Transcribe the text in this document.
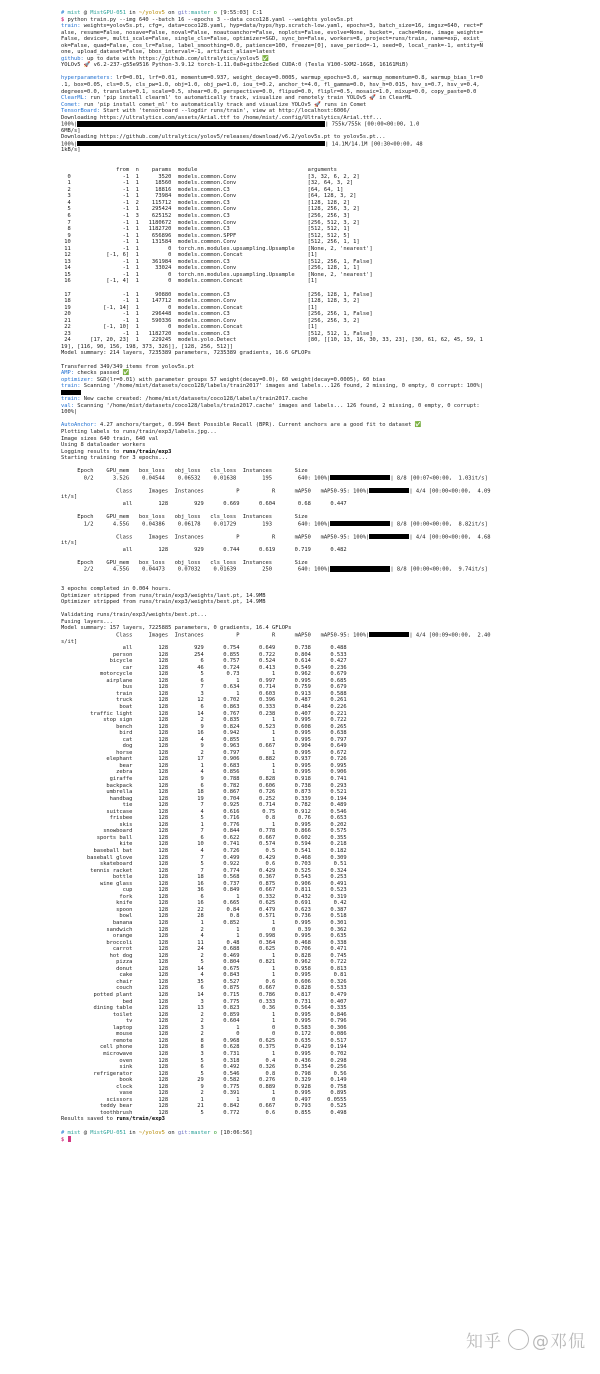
# mist @ MistGPU-051 in ~/yolov5 on git:master o [9:55:03] C:1
$ python train.py --img 640 --batch 16 --epochs 3 --data coco128.yaml --weights yolov5s.pt
train: weights=yolov5s.pt, cfg=, data=coco128.yaml, hyp=data/hyps/hyp.scratch-low.yaml, epochs=3, batch_size=16, imgsz=640, rect=F
alse, resume=False, nosave=False, noval=False, noautoanchor=False, noplots=False, evolve=None, bucket=, cache=None, image_weights=
False, device=, multi_scale=False, single_cls=False, optimizer=SGD, sync_bn=False, workers=8, project=runs/train, name=exp, exist_
ok=False, quad=False, cos_lr=False, label_smoothing=0.0, patience=100, freeze=[0], save_period=-1, seed=0, local_rank=-1, entity=N
one, upload_dataset=False, bbox_interval=-1, artifact_alias=latest
github: up to date with https://github.com/ultralytics/yolov5 ✅
YOLOv5 🚀 v6.2-237-g55e9516 Python-3.9.12 torch-1.11.0a0+gitbc2c6ed CUDA:0 (Tesla V100-SXM2-16GB, 16161MiB)
hyperparameters: lr0=0.01, lrf=0.01, momentum=0.937, weight_decay=0.0005, warmup_epochs=3.0, warmup_momentum=0.8, warmup_bias_lr=0
.1, box=0.05, cls=0.5, cls_pw=1.0, obj=1.0, obj_pw=1.0, iou_t=0.2, anchor_t=4.0, fl_gamma=0.0, hsv_h=0.015, hsv_s=0.7, hsv_v=0.4,
degrees=0.0, translate=0.1, scale=0.5, shear=0.0, perspective=0.0, flipud=0.0, fliplr=0.5, mosaic=1.0, mixup=0.0, copy_paste=0.0
ClearML: run 'pip install clearml' to automatically track, visualize and remotely train YOLOv5 🚀 in ClearML
Comet: run 'pip install comet_ml' to automatically track and visualize YOLOv5 🚀 runs in Comet
TensorBoard: Start with 'tensorboard --logdir runs/train', view at http://localhost:6006/
Downloading https://ultralytics.com/assets/Arial.ttf to /home/mist/.config/Ultralytics/Arial.ttf...
100%|	| 755k/755k [00:00<00:00, 1.0
6MB/s]
Downloading https://github.com/ultralytics/yolov5/releases/download/v6.2/yolov5s.pt to yolov5s.pt...
100%|	| 14.1M/14.1M [00:30<00:00, 48
1kB/s]
from  n    params  module                                  arguments
0                -1  1      3520  models.common.Conv                      [3, 32, 6, 2, 2]
1                -1  1     18560  models.common.Conv                      [32, 64, 3, 2]
2                -1  1     18816  models.common.C3                        [64, 64, 1]
3                -1  1     73984  models.common.Conv                      [64, 128, 3, 2]
4                -1  2    115712  models.common.C3                        [128, 128, 2]
5                -1  1    295424  models.common.Conv                      [128, 256, 3, 2]
6                -1  3    625152  models.common.C3                        [256, 256, 3]
7                -1  1   1180672  models.common.Conv                      [256, 512, 3, 2]
8                -1  1   1182720  models.common.C3                        [512, 512, 1]
9                -1  1    656896  models.common.SPPF                      [512, 512, 5]
10                -1  1    131584  models.common.Conv                      [512, 256, 1, 1]
11                -1  1         0  torch.nn.modules.upsampling.Upsample    [None, 2, 'nearest']
12           [-1, 6]  1         0  models.common.Concat                    [1]
13                -1  1    361984  models.common.C3                        [512, 256, 1, False]
14                -1  1     33024  models.common.Conv                      [256, 128, 1, 1]
15                -1  1         0  torch.nn.modules.upsampling.Upsample    [None, 2, 'nearest']
16           [-1, 4]  1         0  models.common.Concat                    [1]
17                -1  1     90880  models.common.C3                        [256, 128, 1, False]
18                -1  1    147712  models.common.Conv                      [128, 128, 3, 2]
19          [-1, 14]  1         0  models.common.Concat                    [1]
20                -1  1    296448  models.common.C3                        [256, 256, 1, False]
21                -1  1    590336  models.common.Conv                      [256, 256, 3, 2]
22          [-1, 10]  1         0  models.common.Concat                    [1]
23                -1  1   1182720  models.common.C3                        [512, 512, 1, False]
24      [17, 20, 23]  1    229245  models.yolo.Detect                      [80, [[10, 13, 16, 30, 33, 23], [30, 61, 62, 45, 59, 1
19], [116, 90, 156, 198, 373, 326]], [128, 256, 512]]
Model summary: 214 layers, 7235389 parameters, 7235389 gradients, 16.6 GFLOPs
Transferred 349/349 items from yolov5s.pt
AMP: checks passed ✅
optimizer: SGD(lr=0.01) with parameter groups 57 weight(decay=0.0), 60 weight(decay=0.0005), 60 bias
train: Scanning '/home/mist/datasets/coco128/labels/train2017' images and labels...126 found, 2 missing, 0 empty, 0 corrupt: 100%|
train: New cache created: /home/mist/datasets/coco128/labels/train2017.cache
val: Scanning '/home/mist/datasets/coco128/labels/train2017.cache' images and labels... 126 found, 2 missing, 0 empty, 0 corrupt:
100%|
AutoAnchor: 4.27 anchors/target, 0.994 Best Possible Recall (BPR). Current anchors are a good fit to dataset ✅
Plotting labels to runs/train/exp3/labels.jpg...
Image sizes 640 train, 640 val
Using 8 dataloader workers
Logging results to runs/train/exp3
Starting training for 3 epochs...
Epoch    GPU_mem   box_loss   obj_loss   cls_loss  Instances       Size
0/2      3.52G    0.04544    0.06532    0.01638        195        640: 100%|	| 8/8 [00:07<00:00,  1.03it/s]
Class     Images  Instances          P          R      mAP50   mAP50-95: 100%|	| 4/4 [00:00<00:00,  4.09
it/s]
all        128        929      0.669      0.604       0.68      0.447
Epoch    GPU_mem   box_loss   obj_loss   cls_loss  Instances       Size
1/2      4.55G    0.04386    0.06178    0.01729        193        640: 100%|	| 8/8 [00:00<00:00,  8.82it/s]
Class     Images  Instances          P          R      mAP50   mAP50-95: 100%|	| 4/4 [00:00<00:00,  4.68
it/s]
all        128        929      0.744      0.619      0.719      0.482
Epoch    GPU_mem   box_loss   obj_loss   cls_loss  Instances       Size
2/2      4.55G    0.04473    0.07032    0.01639        250        640: 100%|	| 8/8 [00:00<00:00,  9.74it/s]
3 epochs completed in 0.004 hours.
Optimizer stripped from runs/train/exp3/weights/last.pt, 14.9MB
Optimizer stripped from runs/train/exp3/weights/best.pt, 14.9MB
Validating runs/train/exp3/weights/best.pt...
Fusing layers...
Model summary: 157 layers, 7225885 parameters, 0 gradients, 16.4 GFLOPs
Class     Images  Instances          P          R      mAP50   mAP50-95: 100%|	| 4/4 [00:09<00:00,  2.40
s/it]
all        128        929      0.754      0.649      0.738      0.488
person        128        254      0.855      0.722      0.804      0.533
bicycle        128          6      0.757      0.524      0.614      0.427
car        128         46      0.724      0.413      0.549      0.236
motorcycle        128          5       0.73          1      0.962      0.679
airplane        128          6          1      0.997      0.995      0.685
bus        128          7      0.634      0.714      0.759      0.679
train        128          3          1      0.603      0.913      0.588
truck        128         12      0.702      0.396      0.487      0.261
boat        128          6      0.863      0.333      0.484      0.226
traffic light        128         14      0.767      0.238      0.407      0.221
stop sign        128          2      0.835          1      0.995      0.722
bench        128          9      0.824      0.523      0.608      0.265
bird        128         16      0.942          1      0.995      0.638
cat        128          4      0.855          1      0.995      0.797
dog        128          9      0.963      0.667      0.904      0.649
horse        128          2      0.797          1      0.995      0.672
elephant        128         17      0.906      0.882      0.937      0.726
bear        128          1      0.683          1      0.995      0.995
zebra        128          4      0.856          1      0.995      0.906
giraffe        128          9      0.788      0.828      0.918      0.741
backpack        128          6      0.782      0.606      0.738      0.293
umbrella        128         18      0.867      0.726      0.873      0.521
handbag        128         19      0.704      0.252      0.339      0.194
tie        128          7      0.925      0.714      0.782      0.489
suitcase        128          4      0.616       0.75      0.912      0.546
frisbee        128          5      0.716        0.8       0.76      0.653
skis        128          1      0.776          1      0.995      0.202
snowboard        128          7      0.844      0.778      0.866      0.575
sports ball        128          6      0.622      0.667      0.602      0.355
kite        128         10      0.741      0.574      0.594      0.218
baseball bat        128          4      0.726        0.5      0.541      0.182
baseball glove        128          7      0.499      0.429      0.468      0.309
skateboard        128          5      0.922        0.6      0.703       0.51
tennis racket        128          7      0.774      0.429      0.525      0.324
bottle        128         18      0.568      0.367      0.543      0.253
wine glass        128         16      0.737      0.875      0.906      0.491
cup        128         36      0.849      0.667      0.811      0.523
fork        128          6          1      0.332      0.432      0.319
knife        128         16      0.665      0.625      0.691       0.42
spoon        128         22       0.84      0.479      0.623      0.387
bowl        128         28        0.8      0.571      0.736      0.518
banana        128          1      0.852          1      0.995      0.301
sandwich        128          2          1          0       0.39      0.362
orange        128          4          1      0.998      0.995      0.635
broccoli        128         11       0.48      0.364      0.468      0.338
carrot        128         24      0.688      0.625      0.706      0.471
hot dog        128          2      0.469          1      0.828      0.745
pizza        128          5      0.804      0.821      0.962      0.722
donut        128         14      0.675          1      0.958      0.813
cake        128          4      0.843          1      0.995       0.81
chair        128         35      0.527        0.6      0.606      0.326
couch        128          6      0.875      0.667      0.828      0.533
potted plant        128         14      0.715      0.786      0.817      0.479
bed        128          3      0.775      0.333      0.731      0.407
dining table        128         13      0.823       0.36      0.564      0.335
toilet        128          2      0.859          1      0.995      0.846
tv        128          2      0.604          1      0.995      0.796
laptop        128          3          1          0      0.583      0.306
mouse        128          2          0          0      0.172      0.086
remote        128          8      0.968      0.625      0.635      0.517
cell phone        128          8      0.628      0.375      0.429      0.194
microwave        128          3      0.731          1      0.995      0.702
oven        128          5      0.318        0.4      0.436      0.298
sink        128          6      0.492      0.326      0.354      0.256
refrigerator        128          5      0.546        0.8      0.798       0.56
book        128         29      0.582      0.276      0.329      0.149
clock        128          9      0.775      0.889      0.928      0.758
vase        128          2      0.391          1      0.995      0.895
scissors        128          1          1          0      0.497     0.0555
teddy bear        128         21      0.842      0.667      0.793      0.525
toothbrush        128          5      0.772        0.6      0.855      0.498
Results saved to runs/train/exp3
# mist @ MistGPU-051 in ~/yolov5 on git:master o [10:06:56]
$
知乎 @邓侃
